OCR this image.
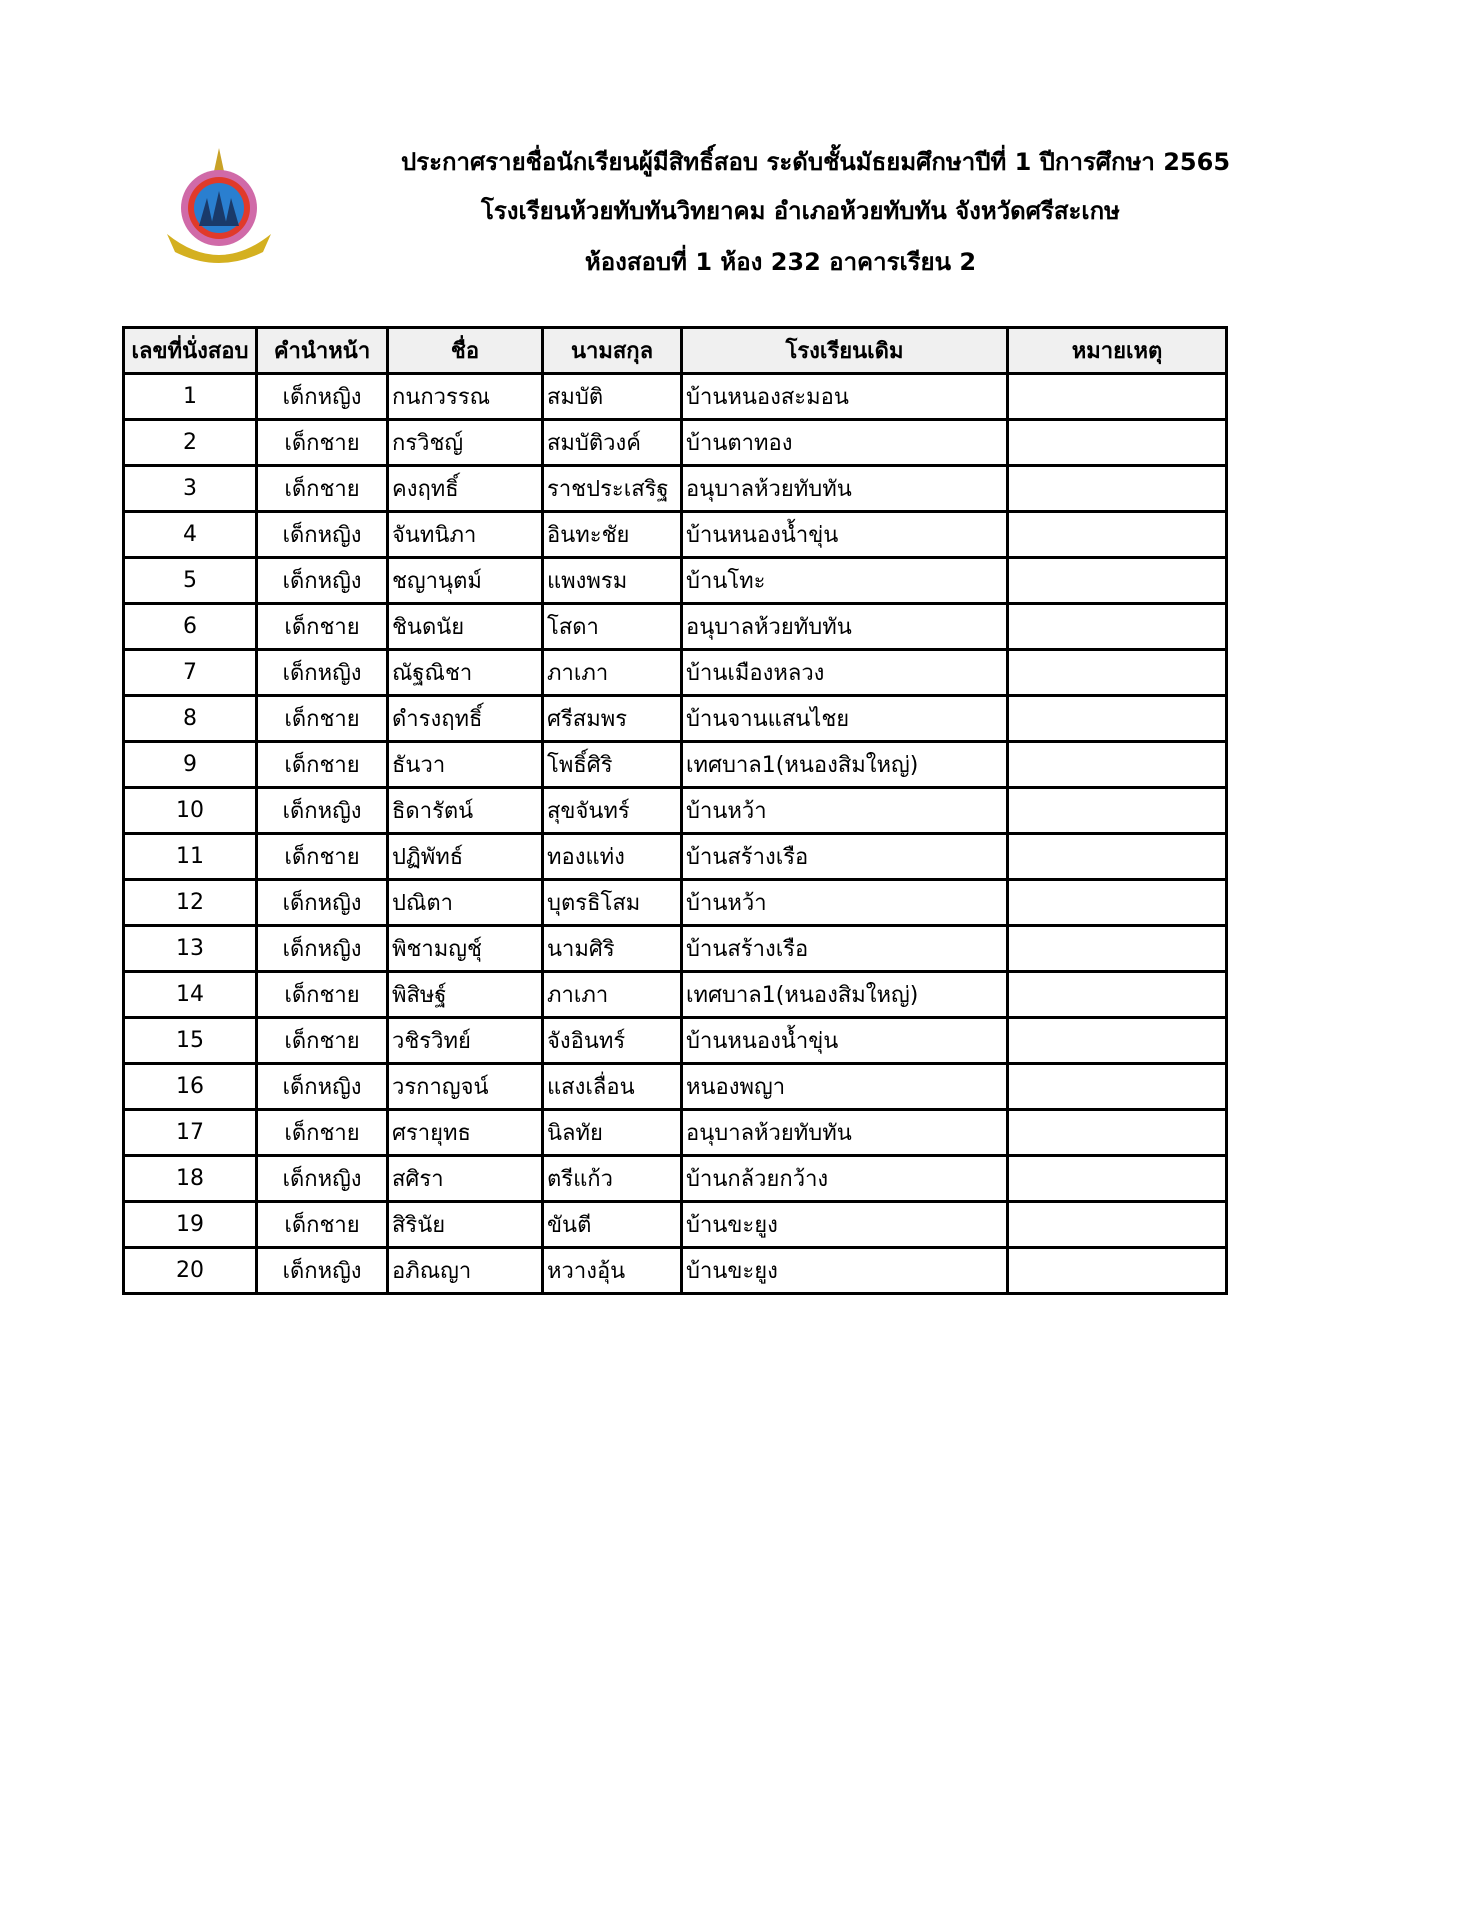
ประกาศรายชื่อนักเรียนผู้มีสิทธิ์สอบ ระดับชั้นมัธยมศึกษาปีที่ 1 ปีการศึกษา 2565
โรงเรียนห้วยทับทันวิทยาคม อำเภอห้วยทับทัน จังหวัดศรีสะเกษ
ห้องสอบที่ 1 ห้อง 232 อาคารเรียน 2
เลขที่นั่งสอบ	คำนำหน้า	ชื่อ	นามสกุล	โรงเรียนเดิม	หมายเหตุ
1	เด็กหญิง	กนกวรรณ	สมบัติ	บ้านหนองสะมอน	
2	เด็กชาย	กรวิชญ์	สมบัติวงค์	บ้านตาทอง	
3	เด็กชาย	คงฤทธิ์	ราชประเสริฐ	อนุบาลห้วยทับทัน	
4	เด็กหญิง	จันทนิภา	อินทะชัย	บ้านหนองน้ำขุ่น	
5	เด็กหญิง	ชญานุตม์	แพงพรม	บ้านโทะ	
6	เด็กชาย	ชินดนัย	โสดา	อนุบาลห้วยทับทัน	
7	เด็กหญิง	ณัฐณิชา	ภาเภา	บ้านเมืองหลวง	
8	เด็กชาย	ดำรงฤทธิ์	ศรีสมพร	บ้านจานแสนไชย	
9	เด็กชาย	ธันวา	โพธิ์ศิริ	เทศบาล1(หนองสิมใหญ่)	
10	เด็กหญิง	ธิดารัตน์	สุขจันทร์	บ้านหว้า	
11	เด็กชาย	ปฏิพัทธ์	ทองแท่ง	บ้านสร้างเรือ	
12	เด็กหญิง	ปณิตา	บุตรธิโสม	บ้านหว้า	
13	เด็กหญิง	พิชามญชุ์	นามศิริ	บ้านสร้างเรือ	
14	เด็กชาย	พิสิษฐ์	ภาเภา	เทศบาล1(หนองสิมใหญ่)	
15	เด็กชาย	วชิรวิทย์	จังอินทร์	บ้านหนองน้ำขุ่น	
16	เด็กหญิง	วรกาญจน์	แสงเลื่อน	หนองพญา	
17	เด็กชาย	ศรายุทธ	นิลทัย	อนุบาลห้วยทับทัน	
18	เด็กหญิง	สศิรา	ตรีแก้ว	บ้านกล้วยกว้าง	
19	เด็กชาย	สิรินัย	ขันตี	บ้านขะยูง	
20	เด็กหญิง	อภิณญา	หวางอุ้น	บ้านขะยูง	
